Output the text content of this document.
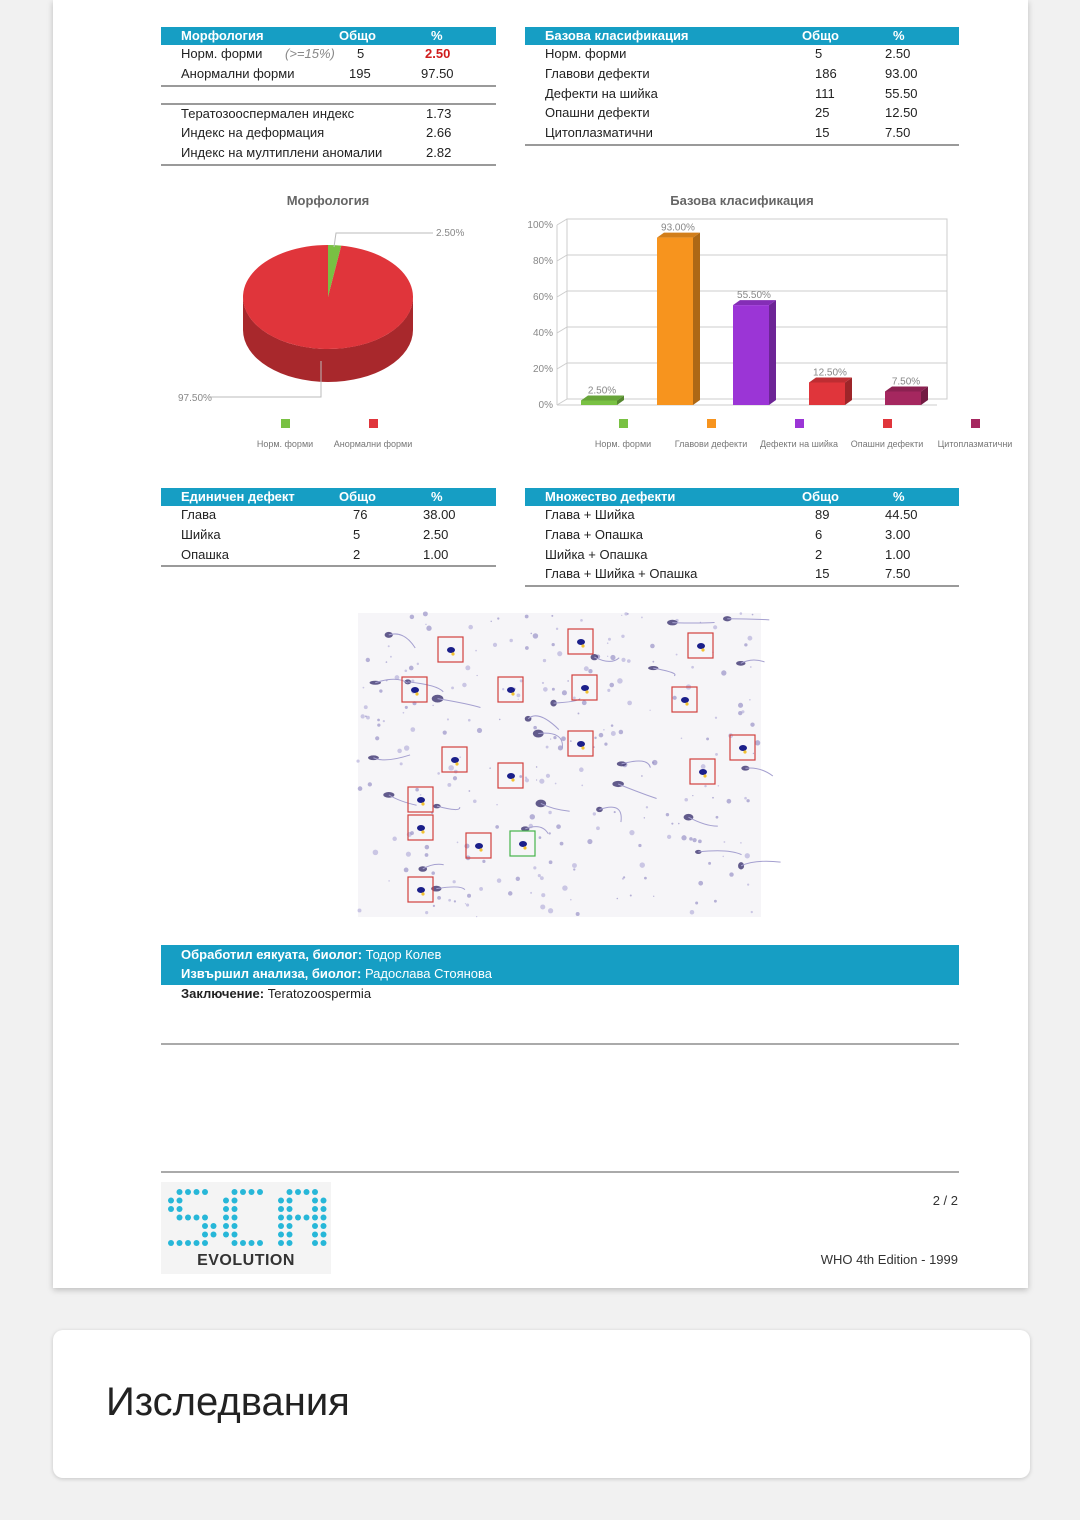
Морфология	Общо	%
Норм. форми (>=15%) 5	2.50
Анормални форми	195	97.50
Тератозооспермален индекс	1.73
Индекс на деформация	2.66
Индекс на мултиплени аномалии	2.82
Базова класификация	Общо	%
Норм. форми	5	2.50
Главови дефекти	186	93.00
Дефекти на шийка	111	55.50
Опашни дефекти	25	12.50
Цитоплазматични	15	7.50
Морфология
2.50%
97.50%
Норм. форми Анормални форми
Базова класификация
0%
20%
40%
60%
80%
100%
2.50%
Норм. форми
93.00%
Главови дефекти
55.50%
Дефекти на шийка
12.50%
Опашни дефекти
7.50%
Цитоплазматични
Единичен дефект	Общо	%
Глава	76	38.00
Шийка	5	2.50
Опашка	2	1.00
Множество дефекти	Общо	%
Глава + Шийка	89	44.50
Глава + Опашка	6	3.00
Шийка + Опашка	2	1.00
Глава + Шийка + Опашка	15	7.50
Обработил еякуата, биолог: Тодор Колев
Извършил анализа, биолог: Радослава Стоянова
Заключение: Teratozoospermia
EVOLUTION
2 / 2
WHO 4th Edition - 1999
Изследвания
